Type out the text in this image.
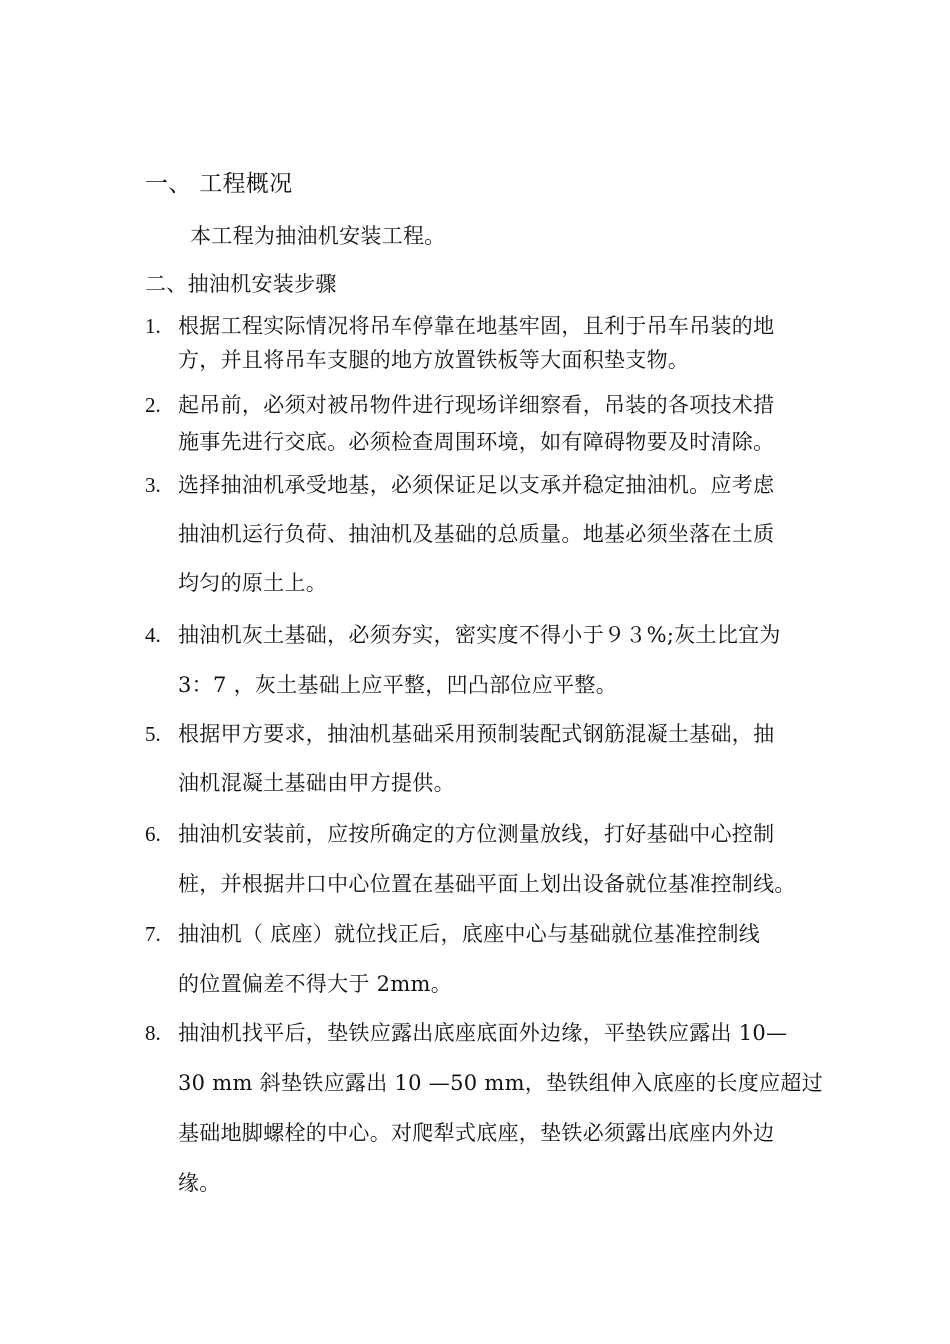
一、 工程概况
本工程为抽油机安装工程。
二、抽油机安装步骤
1. 根据工程实际情况将吊车停靠在地基牢固，且利于吊车吊装的地
方，并且将吊车支腿的地方放置铁板等大面积垫支物。
2. 起吊前，必须对被吊物件进行现场详细察看，吊装的各项技术措
施事先进行交底。必须检查周围环境，如有障碍物要及时清除。
3. 选择抽油机承受地基，必须保证足以支承并稳定抽油机。应考虑
抽油机运行负荷、抽油机及基础的总质量。地基必须坐落在土质
均匀的原土上。
4. 抽油机灰土基础，必须夯实，密实度不得小于９３%;灰土比宜为
3：7 ，灰土基础上应平整，凹凸部位应平整。
5. 根据甲方要求，抽油机基础采用预制装配式钢筋混凝土基础，抽
油机混凝土基础由甲方提供。
6. 抽油机安装前，应按所确定的方位测量放线，打好基础中心控制
桩，并根据井口中心位置在基础平面上划出设备就位基准控制线。
7. 抽油机（ 底座）就位找正后，底座中心与基础就位基准控制线
的位置偏差不得大于 2mm。
8. 抽油机找平后，垫铁应露出底座底面外边缘，平垫铁应露出 10—
30 mm 斜垫铁应露出 10 —50 mm，垫铁组伸入底座的长度应超过
基础地脚螺栓的中心。对爬犁式底座，垫铁必须露出底座内外边
缘。
